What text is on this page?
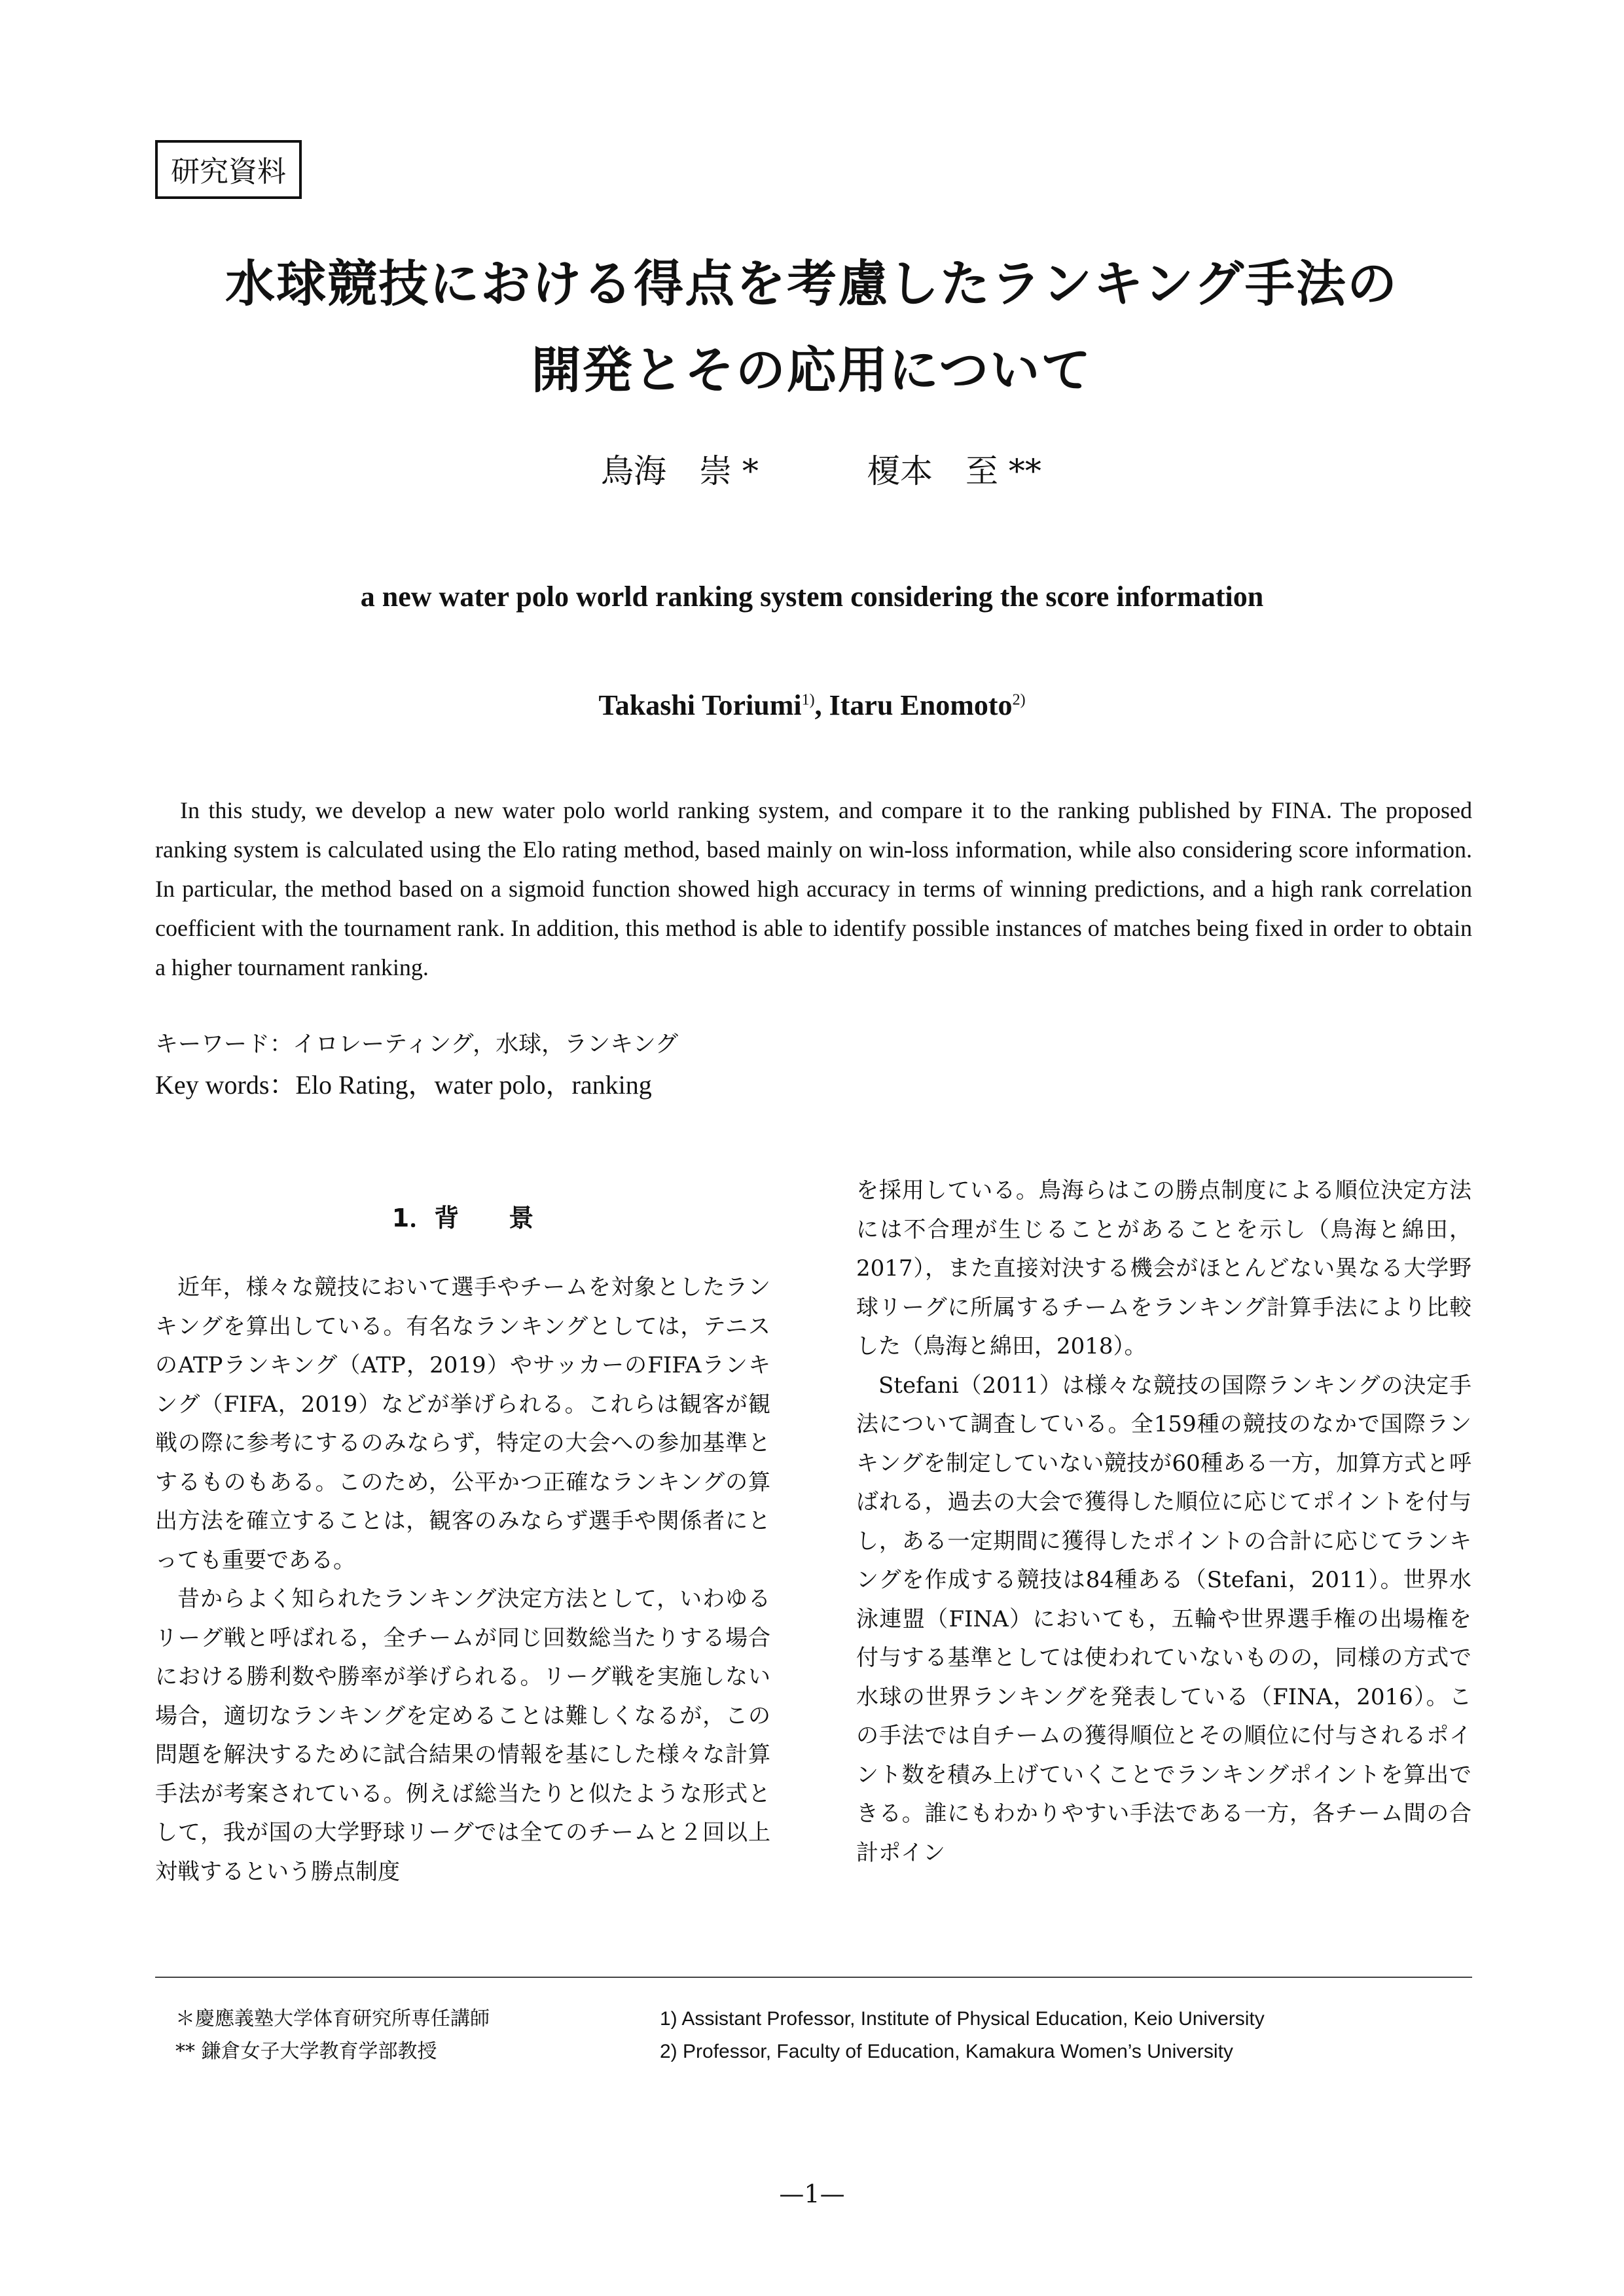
研究資料
水球競技における得点を考慮したランキング手法の
開発とその応用について
鳥海　崇 *	榎本　至 **
a new water polo world ranking system considering the score information
Takashi Toriumi$^{1)}$, Itaru Enomoto$^{2)}$
In this study, we develop a new water polo world ranking system, and compare it to the ranking published by FINA. The proposed ranking system is calculated using the Elo rating method, based mainly on win-loss information, while also considering score information. In particular, the method based on a sigmoid function showed high accuracy in terms of winning predictions, and a high rank correlation coefficient with the tournament rank. In addition, this method is able to identify possible instances of matches being fixed in order to obtain a higher tournament ranking.
キーワード：イロレーティング，水球，ランキング
Key words：Elo Rating，water polo，ranking
1．背　　景

近年，様々な競技において選手やチームを対象としたランキングを算出している。有名なランキングとしては，テニスのATPランキング（ATP，2019）やサッカーのFIFAランキング（FIFA，2019）などが挙げられる。これらは観客が観戦の際に参考にするのみならず，特定の大会への参加基準とするものもある。このため，公平かつ正確なランキングの算出方法を確立することは，観客のみならず選手や関係者にとっても重要である。

昔からよく知られたランキング決定方法として，いわゆるリーグ戦と呼ばれる，全チームが同じ回数総当たりする場合における勝利数や勝率が挙げられる。リーグ戦を実施しない場合，適切なランキングを定めることは難しくなるが，この問題を解決するために試合結果の情報を基にした様々な計算手法が考案されている。例えば総当たりと似たような形式として，我が国の大学野球リーグでは全てのチームと２回以上対戦するという勝点制度

を採用している。鳥海らはこの勝点制度による順位決定方法には不合理が生じることがあることを示し（鳥海と綿田，2017），また直接対決する機会がほとんどない異なる大学野球リーグに所属するチームをランキング計算手法により比較した（鳥海と綿田，2018）。

Stefani（2011）は様々な競技の国際ランキングの決定手法について調査している。全159種の競技のなかで国際ランキングを制定していない競技が60種ある一方，加算方式と呼ばれる，過去の大会で獲得した順位に応じてポイントを付与し，ある一定期間に獲得したポイントの合計に応じてランキングを作成する競技は84種ある（Stefani，2011）。世界水泳連盟（FINA）においても，五輪や世界選手権の出場権を付与する基準としては使われていないものの，同様の方式で水球の世界ランキングを発表している（FINA，2016）。この手法では自チームの獲得順位とその順位に付与されるポイント数を積み上げていくことでランキングポイントを算出できる。誰にもわかりやすい手法である一方，各チーム間の合計ポイン

＊慶應義塾大学体育研究所専任講師
** 鎌倉女子大学教育学部教授
1) Assistant Professor, Institute of Physical Education, Keio University
2) Professor, Faculty of Education, Kamakura Women’s University
—1—
